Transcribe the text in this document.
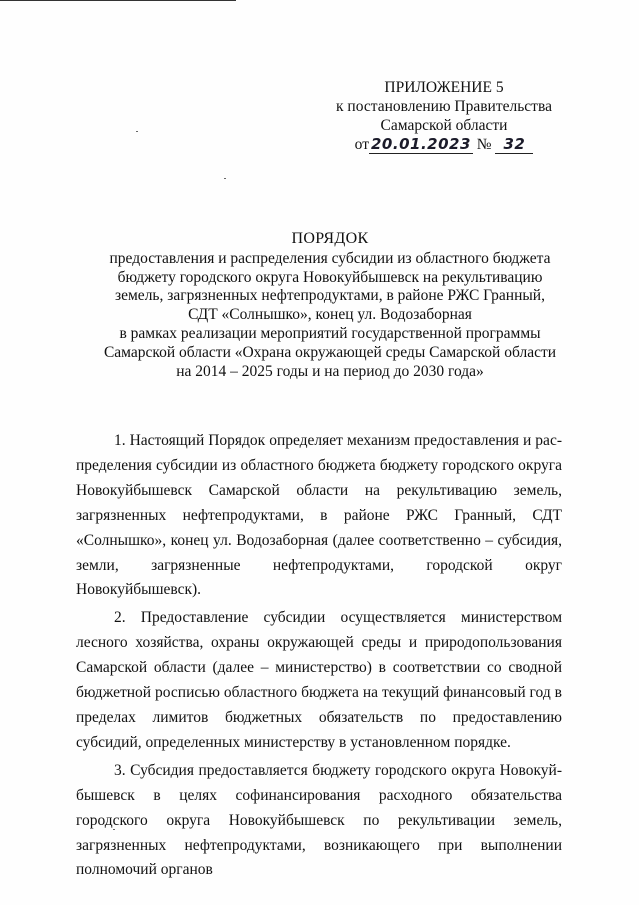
ПРИЛОЖЕНИЕ 5
к постановлению Правительства
Самарской области
от 20.01.2023 № 32
ПОРЯДОК
предоставления и распределения субсидии из областного бюджета
бюджету городского округа Новокуйбышевск на рекультивацию
земель, загрязненных нефтепродуктами, в районе РЖС Гранный,
СДТ «Солнышко», конец ул. Водозаборная
в рамках реализации мероприятий государственной программы
Самарской области «Охрана окружающей среды Самарской области
на 2014 – 2025 годы и на период до 2030 года»

1. Настоящий Порядок определяет механизм предоставления и распределения субсидии из областного бюджета бюджету городского округа Новокуйбышевск Самарской области на рекультивацию земель, загрязненных нефтепродуктами, в районе РЖС Гранный, СДТ «Солнышко», конец ул. Водозаборная (далее соответственно – субсидия, земли, загрязненные нефтепродуктами, городской округ Новокуйбышевск).

2. Предоставление субсидии осуществляется министерством лесного хозяйства, охраны окружающей среды и природопользования Самарской области (далее – министерство) в соответствии со сводной бюджетной росписью областного бюджета на текущий финансовый год в пределах лимитов бюджетных обязательств по предоставлению субсидий, определенных министерству в установленном порядке.

3. Субсидия предоставляется бюджету городского округа Новокуйбышевск в целях софинансирования расходного обязательства городского округа Новокуйбышевск по рекультивации земель, загрязненных нефтепродуктами, возникающего при выполнении полномочий органов
